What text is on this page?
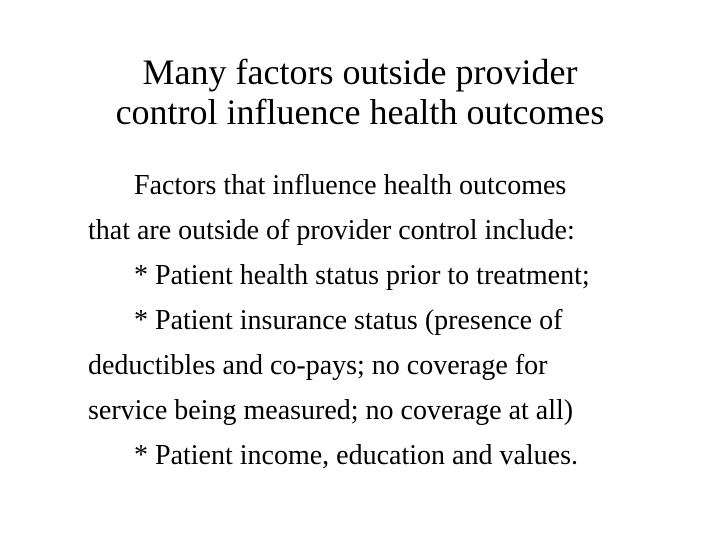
Many factors outside provider
control influence health outcomes
Factors that influence health outcomes
that are outside of provider control include:
* Patient health status prior to treatment;
* Patient insurance status (presence of
deductibles and co-pays; no coverage for
service being measured; no coverage at all)
* Patient income, education and values.
